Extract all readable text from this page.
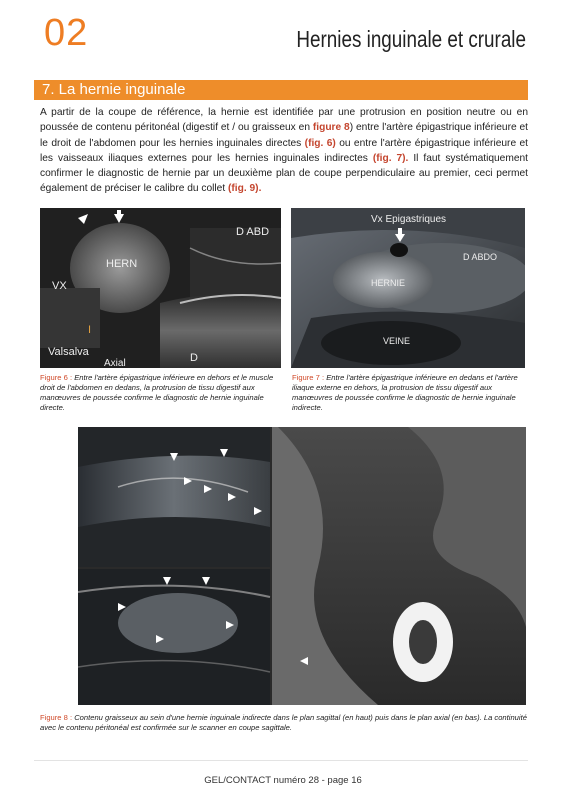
02	Hernies inguinale et crurale
7. La hernie inguinale

A partir de la coupe de référence, la hernie est identifiée par une protrusion en position neutre ou en poussée de contenu péritonéal (digestif et / ou graisseux en figure 8) entre l'artère épigastrique inférieure et le droit de l'abdomen pour les hernies inguinales directes (fig. 6) ou entre l'artère épigastrique inférieure et les vaisseaux iliaques externes pour les hernies inguinales indirectes (fig. 7). Il faut systématiquement confirmer le diagnostic de hernie par un deuxième plan de coupe perpendiculaire au premier, ceci permet également de préciser le calibre du collet (fig. 9).

D ABD
HERN
VX
I
Valsalva
Axial	D

Figure 6 : Entre l'artère épigastrique inférieure en dehors et le muscle droit de l'abdomen en dedans, la protrusion de tissu digestif aux manœuvres de poussée confirme le diagnostic de hernie inguinale directe.

Vx Epigastriques
D ABDO
HERNIE
VEINE

Figure 7 : Entre l'artère épigastrique inférieure en dedans et l'artère iliaque externe en dehors, la protrusion de tissu digestif aux manœuvres de poussée confirme le diagnostic de hernie inguinale indirecte.

Figure 8 : Contenu graisseux au sein d'une hernie inguinale indirecte dans le plan sagittal (en haut) puis dans le plan axial (en bas). La continuité avec le contenu péritonéal est confirmée sur le scanner en coupe sagittale.

GEL/CONTACT numéro 28 - page 16
